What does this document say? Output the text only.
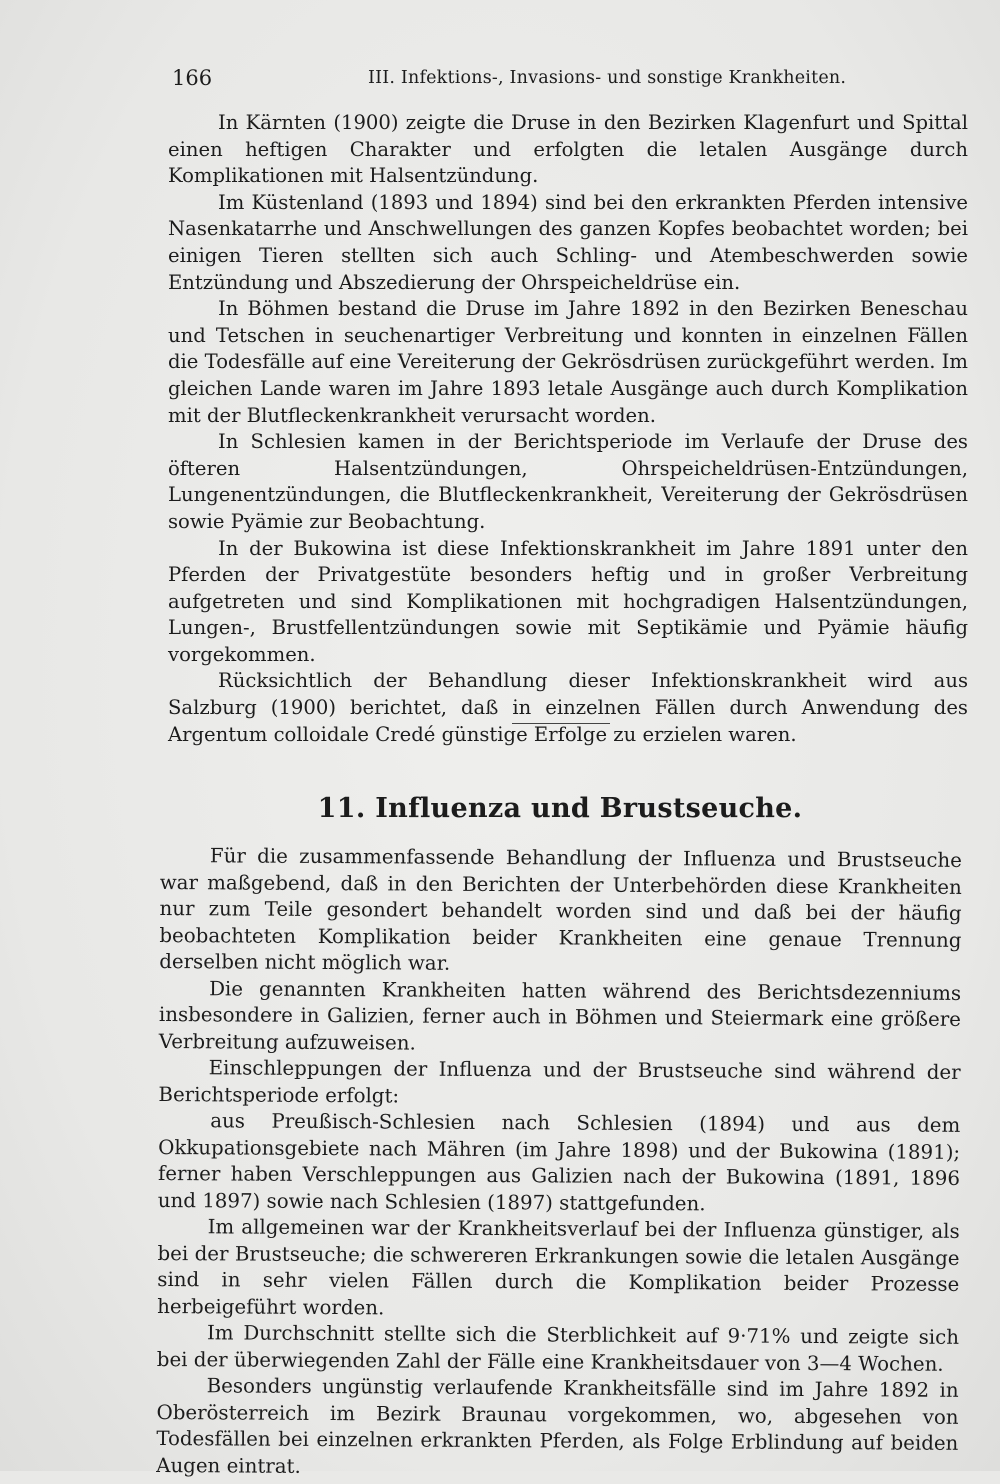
166	III. Infektions-, Invasions- und sonstige Krankheiten.

In Kärnten (1900) zeigte die Druse in den Bezirken Klagenfurt und Spittal einen heftigen Charakter und erfolgten die letalen Ausgänge durch Komplikationen mit Halsentzündung.

Im Küstenland (1893 und 1894) sind bei den erkrankten Pferden intensive Nasenkatarrhe und Anschwellungen des ganzen Kopfes beobachtet worden; bei einigen Tieren stellten sich auch Schling- und Atembeschwerden sowie Entzündung und Abszedierung der Ohrspeicheldrüse ein.

In Böhmen bestand die Druse im Jahre 1892 in den Bezirken Beneschau und Tetschen in seuchenartiger Verbreitung und konnten in einzelnen Fällen die Todesfälle auf eine Vereiterung der Gekrösdrüsen zurückgeführt werden. Im gleichen Lande waren im Jahre 1893 letale Ausgänge auch durch Komplikation mit der Blutfleckenkrankheit verursacht worden.

In Schlesien kamen in der Berichtsperiode im Verlaufe der Druse des öfteren Halsentzündungen, Ohrspeicheldrüsen-Entzündungen, Lungenentzündungen, die Blutfleckenkrankheit, Vereiterung der Gekrösdrüsen sowie Pyämie zur Beobachtung.

In der Bukowina ist diese Infektionskrankheit im Jahre 1891 unter den Pferden der Privatgestüte besonders heftig und in großer Verbreitung aufgetreten und sind Komplikationen mit hochgradigen Halsentzündungen, Lungen-, Brustfellentzündungen sowie mit Septikämie und Pyämie häufig vorgekommen.

Rücksichtlich der Behandlung dieser Infektionskrankheit wird aus Salzburg (1900) berichtet, daß in einzelnen Fällen durch Anwendung des Argentum colloidale Credé günstige Erfolge zu erzielen waren.

11. Influenza und Brustseuche.

Für die zusammenfassende Behandlung der Influenza und Brustseuche war maßgebend, daß in den Berichten der Unterbehörden diese Krankheiten nur zum Teile gesondert behandelt worden sind und daß bei der häufig beobachteten Komplikation beider Krankheiten eine genaue Trennung derselben nicht möglich war.

Die genannten Krankheiten hatten während des Berichtsdezenniums insbesondere in Galizien, ferner auch in Böhmen und Steiermark eine größere Verbreitung aufzuweisen.

Einschleppungen der Influenza und der Brustseuche sind während der Berichtsperiode erfolgt:

aus Preußisch-Schlesien nach Schlesien (1894) und aus dem Okkupationsgebiete nach Mähren (im Jahre 1898) und der Bukowina (1891); ferner haben Verschleppungen aus Galizien nach der Bukowina (1891, 1896 und 1897) sowie nach Schlesien (1897) stattgefunden.

Im allgemeinen war der Krankheitsverlauf bei der Influenza günstiger, als bei der Brustseuche; die schwereren Erkrankungen sowie die letalen Ausgänge sind in sehr vielen Fällen durch die Komplikation beider Prozesse herbeigeführt worden.

Im Durchschnitt stellte sich die Sterblichkeit auf 9·71% und zeigte sich bei der überwiegenden Zahl der Fälle eine Krankheitsdauer von 3—4 Wochen.

Besonders ungünstig verlaufende Krankheitsfälle sind im Jahre 1892 in Oberösterreich im Bezirk Braunau vorgekommen, wo, abgesehen von Todesfällen bei einzelnen erkrankten Pferden, als Folge Erblindung auf beiden Augen eintrat.
